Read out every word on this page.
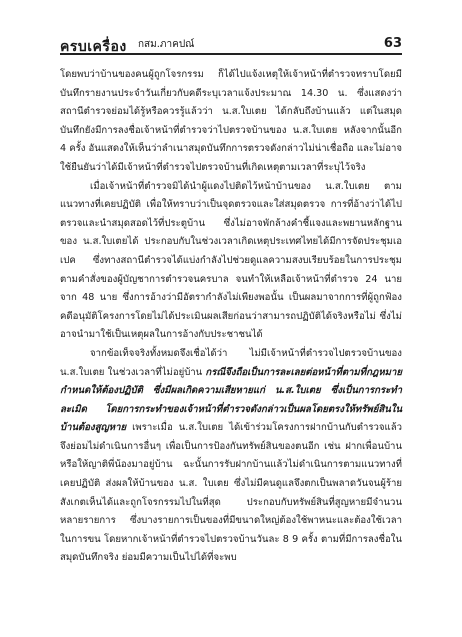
ครบเครื่อง กสม.ภาคปณ์	63

โดยพบว่าบ้านของคนผู้ถูกโจรกรรม ก็ได้ไปแจ้งเหตุให้เจ้าหน้าที่ตำรวจทราบโดยมีบันทึกรายงานประจำวันเกี่ยวกับคดีระบุเวลาแจ้งประมาณ 14.30 น. ซึ่งแสดงว่าสถานีตำรวจย่อมได้รู้หรือควรรู้แล้วว่า น.ส.ใบเตย ได้กลับถึงบ้านแล้ว แต่ในสมุดบันทึกยังมีการลงชื่อเจ้าหน้าที่ตำรวจว่าไปตรวจบ้านของ น.ส.ใบเตย หลังจากนั้นอีก 4 ครั้ง อันแสดงให้เห็นว่าลำเนาสมุดบันทึกการตรวจดังกล่าวไม่น่าเชื่อถือ และไม่อาจใช้ยืนยันว่าได้มีเจ้าหน้าที่ตำรวจไปตรวจบ้านที่เกิดเหตุตามเวลาที่ระบุไว้จริง

เมื่อเจ้าหน้าที่ตำรวจมิได้นำผู้แดงไปติดไว้หน้าบ้านของ น.ส.ใบเตย ตามแนวทางที่เคยปฏิบัติ เพื่อให้ทราบว่าเป็นจุดตรวจและใส่สมุดตรวจ การที่อ้างว่าได้ไปตรวจและนำสมุดสอดไว้ที่ประตูบ้าน ซึ่งไม่อาจพักล้างคำชี้แจงและพยานหลักฐานของ น.ส.ใบเตยได้ ประกอบกับในช่วงเวลาเกิดเหตุประเทศไทยได้มีการจัดประชุมเอเปค ซึ่งทางสถานีตำรวจได้แบ่งกำลังไปช่วยดูแลความสงบเรียบร้อยในการประชุมตามคำสั่งของผู้บัญชาการตำรวจนครบาล จนทำให้เหลือเจ้าหน้าที่ตำรวจ 24 นาย จาก 48 นาย ซึ่งการอ้างว่ามีอัตรากำลังไม่เพียงพอนั้น เป็นผลมาจากการที่ผู้ถูกฟ้องคดีอนุมัติโครงการโดยไม่ได้ประเมินผลเสียก่อนว่าสามารถปฏิบัติได้จริงหรือไม่ ซึ่งไม่อาจนำมาใช้เป็นเหตุผลในการอ้างกับประชาชนได้

จากข้อเท็จจริงทั้งหมดจึงเชื่อได้ว่า ไม่มีเจ้าหน้าที่ตำรวจไปตรวจบ้านของ น.ส.ใบเตย ในช่วงเวลาที่ไม่อยู่บ้าน กรณีจึงถือเป็นการละเลยต่อหน้าที่ตามที่กฎหมายกำหนดให้ต้องปฏิบัติ ซึ่งมีผลเกิดความเสียหายแก่ น.ส.ใบเตย ซึ่งเป็นการกระทำละเมิด โดยการกระทำของเจ้าหน้าที่ตำรวจดังกล่าวเป็นผลโดยตรงให้ทรัพย์สินในบ้านต้องสูญหาย เพราะเมื่อ น.ส.ใบเตย ได้เข้าร่วมโครงการฝากบ้านกับตำรวจแล้ว จึงย่อมไม่ดำเนินการอื่นๆ เพื่อเป็นการป้องกันทรัพย์สินของตนอีก เช่น ฝากเพื่อนบ้าน หรือให้ญาติพี่น้องมาอยู่บ้าน ฉะนั้นการรับฝากบ้านแล้วไม่ดำเนินการตามแนวทางที่เคยปฏิบัติ ส่งผลให้บ้านของ น.ส. ใบเตย ซึ่งไม่มีคนดูแลจึงตกเป็นพลาดวันจนผู้ร้ายสังเกตเห็นได้และถูกโจรกรรมไปในที่สุด ประกอบกับทรัพย์สินที่สูญหายมีจำนวนหลายรายการ ซึ่งบางรายการเป็นของที่มีขนาดใหญ่ต้องใช้พาหนะและต้องใช้เวลาในการขน โดยหากเจ้าหน้าที่ตำรวจไปตรวจบ้านวันละ 8 9 ครั้ง ตามที่มีการลงชื่อในสมุดบันทึกจริง ย่อมมีความเป็นไปได้ที่จะพบ
